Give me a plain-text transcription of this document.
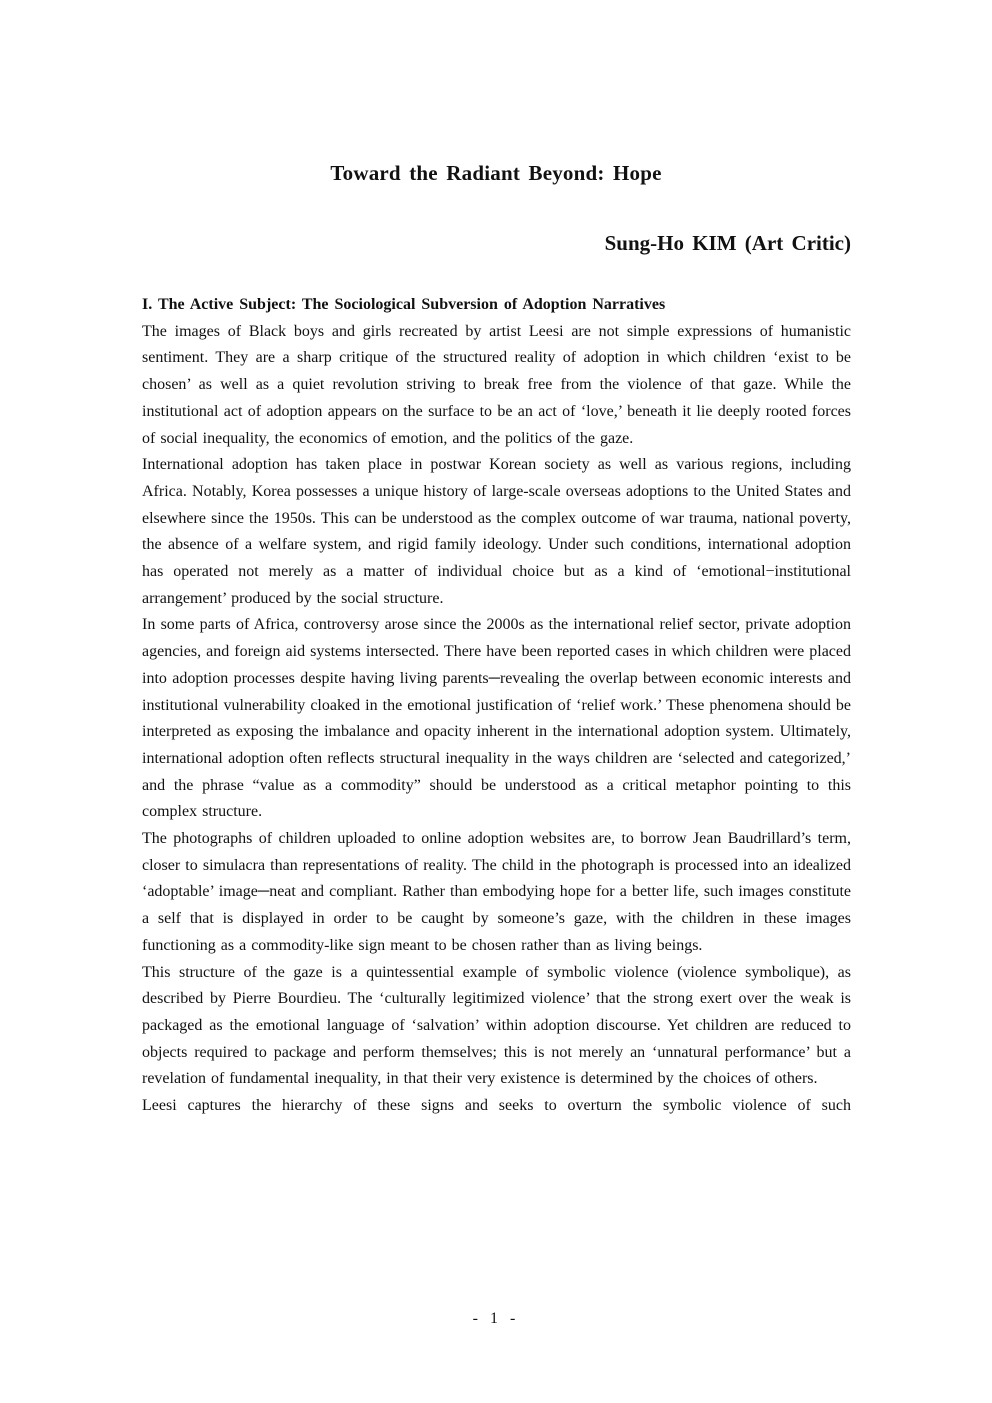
Toward the Radiant Beyond: Hope
Sung-Ho KIM (Art Critic)

I. The Active Subject: The Sociological Subversion of Adoption Narratives

The images of Black boys and girls recreated by artist Leesi are not simple expressions of humanistic sentiment. They are a sharp critique of the structured reality of adoption in which children ‘exist to be chosen’ as well as a quiet revolution striving to break free from the violence of that gaze. While the institutional act of adoption appears on the surface to be an act of ‘love,’ beneath it lie deeply rooted forces of social inequality, the economics of emotion, and the politics of the gaze.

International adoption has taken place in postwar Korean society as well as various regions, including Africa. Notably, Korea possesses a unique history of large-scale overseas adoptions to the United States and elsewhere since the 1950s. This can be understood as the complex outcome of war trauma, national poverty, the absence of a welfare system, and rigid family ideology. Under such conditions, international adoption has operated not merely as a matter of individual choice but as a kind of ‘emotional−institutional arrangement’ produced by the social structure.

In some parts of Africa, controversy arose since the 2000s as the international relief sector, private adoption agencies, and foreign aid systems intersected. There have been reported cases in which children were placed into adoption processes despite having living parents─revealing the overlap between economic interests and institutional vulnerability cloaked in the emotional justification of ‘relief work.’ These phenomena should be interpreted as exposing the imbalance and opacity inherent in the international adoption system. Ultimately, international adoption often reflects structural inequality in the ways children are ‘selected and categorized,’ and the phrase “value as a commodity” should be understood as a critical metaphor pointing to this complex structure.

The photographs of children uploaded to online adoption websites are, to borrow Jean Baudrillard’s term, closer to simulacra than representations of reality. The child in the photograph is processed into an idealized ‘adoptable’ image─neat and compliant. Rather than embodying hope for a better life, such images constitute a self that is displayed in order to be caught by someone’s gaze, with the children in these images functioning as a commodity-like sign meant to be chosen rather than as living beings.

This structure of the gaze is a quintessential example of symbolic violence (violence symbolique), as described by Pierre Bourdieu. The ‘culturally legitimized violence’ that the strong exert over the weak is packaged as the emotional language of ‘salvation’ within adoption discourse. Yet children are reduced to objects required to package and perform themselves; this is not merely an ‘unnatural performance’ but a revelation of fundamental inequality, in that their very existence is determined by the choices of others.

Leesi captures the hierarchy of these signs and seeks to overturn the symbolic violence of such

- 1 -
